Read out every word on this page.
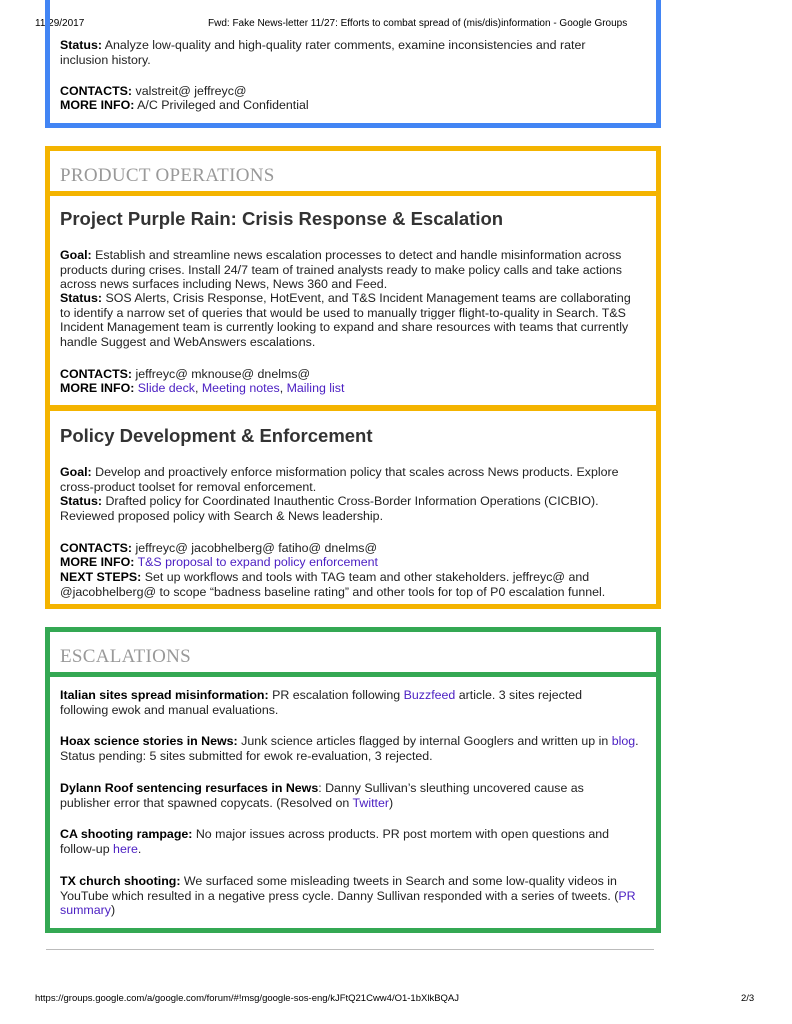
11/29/2017	Fwd: Fake News-letter 11/27: Efforts to combat spread of (mis/dis)information - Google Groups
Status: Analyze low-quality and high-quality rater comments, examine inconsistencies and rater inclusion history.
CONTACTS: valstreit@ jeffreyc@
MORE INFO: A/C Privileged and Confidential
PRODUCT OPERATIONS
Project Purple Rain: Crisis Response & Escalation
Goal: Establish and streamline news escalation processes to detect and handle misinformation across products during crises. Install 24/7 team of trained analysts ready to make policy calls and take actions across news surfaces including News, News 360 and Feed.
Status: SOS Alerts, Crisis Response, HotEvent, and T&S Incident Management teams are collaborating to identify a narrow set of queries that would be used to manually trigger flight-to-quality in Search. T&S Incident Management team is currently looking to expand and share resources with teams that currently handle Suggest and WebAnswers escalations.
CONTACTS: jeffreyc@ mknouse@ dnelms@
MORE INFO: Slide deck, Meeting notes, Mailing list
Policy Development & Enforcement
Goal: Develop and proactively enforce misformation policy that scales across News products. Explore cross-product toolset for removal enforcement.
Status: Drafted policy for Coordinated Inauthentic Cross-Border Information Operations (CICBIO). Reviewed proposed policy with Search & News leadership.
CONTACTS: jeffreyc@ jacobhelberg@ fatiho@ dnelms@
MORE INFO: T&S proposal to expand policy enforcement
NEXT STEPS: Set up workflows and tools with TAG team and other stakeholders. jeffreyc@ and @jacobhelberg@ to scope “badness baseline rating” and other tools for top of P0 escalation funnel.
ESCALATIONS
Italian sites spread misinformation: PR escalation following Buzzfeed article. 3 sites rejected following ewok and manual evaluations.
Hoax science stories in News: Junk science articles flagged by internal Googlers and written up in blog. Status pending: 5 sites submitted for ewok re-evaluation, 3 rejected.
Dylann Roof sentencing resurfaces in News: Danny Sullivan’s sleuthing uncovered cause as publisher error that spawned copycats. (Resolved on Twitter)
CA shooting rampage: No major issues across products. PR post mortem with open questions and follow-up here.
TX church shooting: We surfaced some misleading tweets in Search and some low-quality videos in YouTube which resulted in a negative press cycle. Danny Sullivan responded with a series of tweets. (PR summary)
https://groups.google.com/a/google.com/forum/#!msg/google-sos-eng/kJFtQ21Cww4/O1-1bXlkBQAJ	2/3
